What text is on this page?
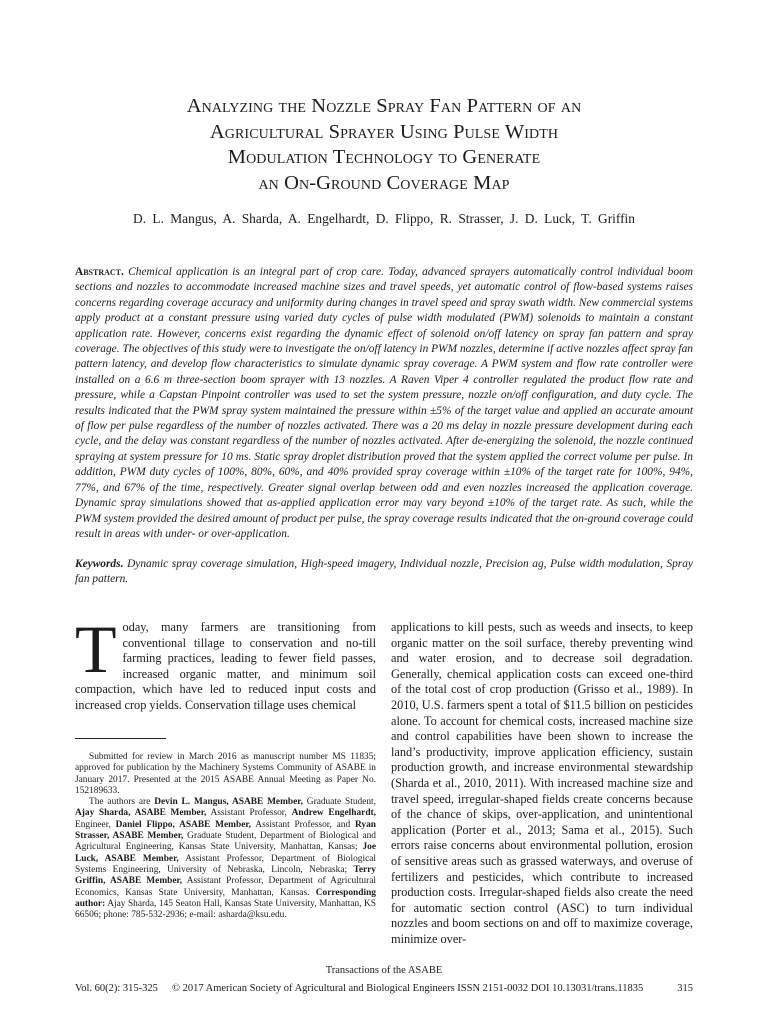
Analyzing the Nozzle Spray Fan Pattern of an
Agricultural Sprayer Using Pulse Width
Modulation Technology to Generate
an On-Ground Coverage Map
D. L. Mangus, A. Sharda, A. Engelhardt, D. Flippo, R. Strasser, J. D. Luck, T. Griffin

Abstract. Chemical application is an integral part of crop care. Today, advanced sprayers automatically control individual boom sections and nozzles to accommodate increased machine sizes and travel speeds, yet automatic control of flow-based systems raises concerns regarding coverage accuracy and uniformity during changes in travel speed and spray swath width. New commercial systems apply product at a constant pressure using varied duty cycles of pulse width modulated (PWM) solenoids to maintain a constant application rate. However, concerns exist regarding the dynamic effect of solenoid on/off latency on spray fan pattern and spray coverage. The objectives of this study were to investigate the on/off latency in PWM nozzles, determine if active nozzles affect spray fan pattern latency, and develop flow characteristics to simulate dynamic spray coverage. A PWM system and flow rate controller were installed on a 6.6 m three-section boom sprayer with 13 nozzles. A Raven Viper 4 controller regulated the product flow rate and pressure, while a Capstan Pinpoint controller was used to set the system pressure, nozzle on/off configuration, and duty cycle. The results indicated that the PWM spray system maintained the pressure within ±5% of the target value and applied an accurate amount of flow per pulse regardless of the number of nozzles activated. There was a 20 ms delay in nozzle pressure development during each cycle, and the delay was constant regardless of the number of nozzles activated. After de-energizing the solenoid, the nozzle continued spraying at system pressure for 10 ms. Static spray droplet distribution proved that the system applied the correct volume per pulse. In addition, PWM duty cycles of 100%, 80%, 60%, and 40% provided spray coverage within ±10% of the target rate for 100%, 94%, 77%, and 67% of the time, respectively. Greater signal overlap between odd and even nozzles increased the application coverage. Dynamic spray simulations showed that as-applied application error may vary beyond ±10% of the target rate. As such, while the PWM system provided the desired amount of product per pulse, the spray coverage results indicated that the on-ground coverage could result in areas with under- or over-application.

Keywords. Dynamic spray coverage simulation, High-speed imagery, Individual nozzle, Precision ag, Pulse width modulation, Spray fan pattern.

Today, many farmers are transitioning from conventional tillage to conservation and no-till farming practices, leading to fewer field passes, increased organic matter, and minimum soil compaction, which have led to reduced input costs and increased crop yields. Conservation tillage uses chemical

Submitted for review in March 2016 as manuscript number MS 11835; approved for publication by the Machinery Systems Community of ASABE in January 2017. Presented at the 2015 ASABE Annual Meeting as Paper No. 152189633.

The authors are Devin L. Mangus, ASABE Member, Graduate Student, Ajay Sharda, ASABE Member, Assistant Professor, Andrew Engelhardt, Engineer, Daniel Flippo, ASABE Member, Assistant Professor, and Ryan Strasser, ASABE Member, Graduate Student, Department of Biological and Agricultural Engineering, Kansas State University, Manhattan, Kansas; Joe Luck, ASABE Member, Assistant Professor, Department of Biological Systems Engineering, University of Nebraska, Lincoln, Nebraska; Terry Griffin, ASABE Member, Assistant Professor, Department of Agricultural Economics, Kansas State University, Manhattan, Kansas. Corresponding author: Ajay Sharda, 145 Seaton Hall, Kansas State University, Manhattan, KS 66506; phone: 785-532-2936; e-mail: asharda@ksu.edu.

applications to kill pests, such as weeds and insects, to keep organic matter on the soil surface, thereby preventing wind and water erosion, and to decrease soil degradation. Generally, chemical application costs can exceed one-third of the total cost of crop production (Grisso et al., 1989). In 2010, U.S. farmers spent a total of $11.5 billion on pesticides alone. To account for chemical costs, increased machine size and control capabilities have been shown to increase the land’s productivity, improve application efficiency, sustain production growth, and increase environmental stewardship (Sharda et al., 2010, 2011). With increased machine size and travel speed, irregular-shaped fields create concerns because of the chance of skips, over-application, and unintentional application (Porter et al., 2013; Sama et al., 2015). Such errors raise concerns about environmental pollution, erosion of sensitive areas such as grassed waterways, and overuse of fertilizers and pesticides, which contribute to increased production costs. Irregular-shaped fields also create the need for automatic section control (ASC) to turn individual nozzles and boom sections on and off to maximize coverage, minimize over-

Transactions of the ASABE
Vol. 60(2): 315-325 © 2017 American Society of Agricultural and Biological Engineers ISSN 2151-0032 DOI 10.13031/trans.11835	315
